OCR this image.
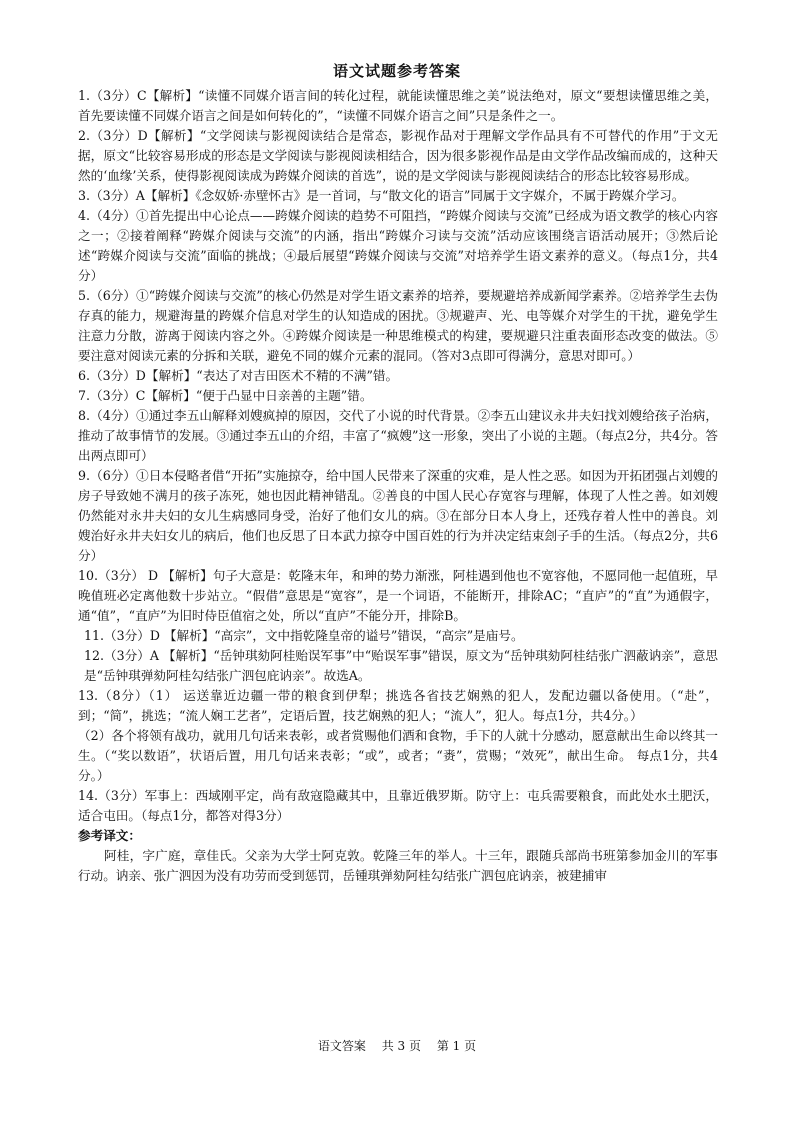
语文试题参考答案

1.（3分）C【解析】“读懂不同媒介语言间的转化过程，就能读懂思维之美”说法绝对，原文“要想读懂思维之美，首先要读懂不同媒介语言之间是如何转化的”，“读懂不同媒介语言之间”只是条件之一。

2.（3分）D【解析】“文学阅读与影视阅读结合是常态，影视作品对于理解文学作品具有不可替代的作用”于文无据，原文“比较容易形成的形态是文学阅读与影视阅读相结合，因为很多影视作品是由文学作品改编而成的，这种天然的‘血缘’关系，使得影视阅读成为跨媒介阅读的首选”，说的是文学阅读与影视阅读结合的形态比较容易形成。

3.（3分）A【解析】《念奴娇·赤壁怀古》是一首词，与“散文化的语言”同属于文字媒介，不属于跨媒介学习。

4.（4分）①首先提出中心论点——跨媒介阅读的趋势不可阻挡，“跨媒介阅读与交流”已经成为语文教学的核心内容之一；②接着阐释“跨媒介阅读与交流”的内涵，指出“跨媒介习读与交流”活动应该围绕言语活动展开；③然后论述“跨媒介阅读与交流”面临的挑战；④最后展望“跨媒介阅读与交流”对培养学生语文素养的意义。（每点1分，共4分）

5.（6分）①“跨媒介阅读与交流”的核心仍然是对学生语文素养的培养，要规避培养成新闻学素养。②培养学生去伪存真的能力，规避海量的跨媒介信息对学生的认知造成的困扰。③规避声、光、电等媒介对学生的干扰，避免学生注意力分散，游离于阅读内容之外。④跨媒介阅读是一种思维模式的构建，要规避只注重表面形态改变的做法。⑤要注意对阅读元素的分拆和关联，避免不同的媒介元素的混同。（答对3点即可得满分，意思对即可。）

6.（3分）D【解析】“表达了对吉田医术不精的不满”错。

7.（3分）C【解析】“便于凸显中日亲善的主题”错。

8.（4分）①通过李五山解释刘嫂疯掉的原因，交代了小说的时代背景。②李五山建议永井夫妇找刘嫂给孩子治病，推动了故事情节的发展。③通过李五山的介绍，丰富了“疯嫂”这一形象，突出了小说的主题。（每点2分，共4分。答出两点即可）

9.（6分）①日本侵略者借“开拓”实施掠夺，给中国人民带来了深重的灾难，是人性之恶。如因为开拓团强占刘嫂的房子导致她不满月的孩子冻死，她也因此精神错乱。②善良的中国人民心存宽容与理解，体现了人性之善。如刘嫂仍然能对永井夫妇的女儿生病感同身受，治好了他们女儿的病。③在部分日本人身上，还残存着人性中的善良。刘嫂治好永井夫妇女儿的病后，他们也反思了日本武力掠夺中国百姓的行为并决定结束刽子手的生活。（每点2分，共6分）

10.（3分） D 【解析】句子大意是：乾隆末年，和珅的势力渐涨，阿桂遇到他也不宽容他，不愿同他一起值班，早晚值班必定离他数十步站立。“假借”意思是“宽容”，是一个词语，不能断开，排除AC；“直庐”的“直”为通假字，通“值”，“直庐”为旧时侍臣值宿之处，所以“直庐”不能分开，排除B。

11.（3分）D 【解析】“高宗”，文中指乾隆皇帝的谥号”错误，“高宗”是庙号。

12.（3分）A 【解析】“岳钟琪劾阿桂贻误军事”中“贻误军事”错误，原文为“岳钟琪劾阿桂结张广泗蔽讷亲”，意思是“岳钟琪弹劾阿桂勾结张广泗包庇讷亲”。故选A。

13.（8分）（1） 运送靠近边疆一带的粮食到伊犁；挑选各省技艺娴熟的犯人，发配边疆以备使用。（“赴”，到；“简”，挑选；“流人娴工艺者”，定语后置，技艺娴熟的犯人；“流人”，犯人。每点1分，共4分。）

（2）各个将领有战功，就用几句话来表彰，或者赏赐他们酒和食物，手下的人就十分感动，愿意献出生命以终其一生。（“奖以数语”，状语后置，用几句话来表彰；“或”，或者；“赉”，赏赐；“效死”，献出生命。 每点1分，共4分。）

14.（3分）军事上：西域刚平定，尚有敌寇隐藏其中，且靠近俄罗斯。防守上：屯兵需要粮食，而此处水土肥沃，适合屯田。（每点1分，都答对得3分）

参考译文：

阿桂，字广庭，章佳氏。父亲为大学士阿克敦。乾隆三年的举人。十三年，跟随兵部尚书班第参加金川的军事行动。讷亲、张广泗因为没有功劳而受到惩罚，岳锺琪弹劾阿桂勾结张广泗包庇讷亲，被建捕审

语文答案 共 3 页 第 1 页
